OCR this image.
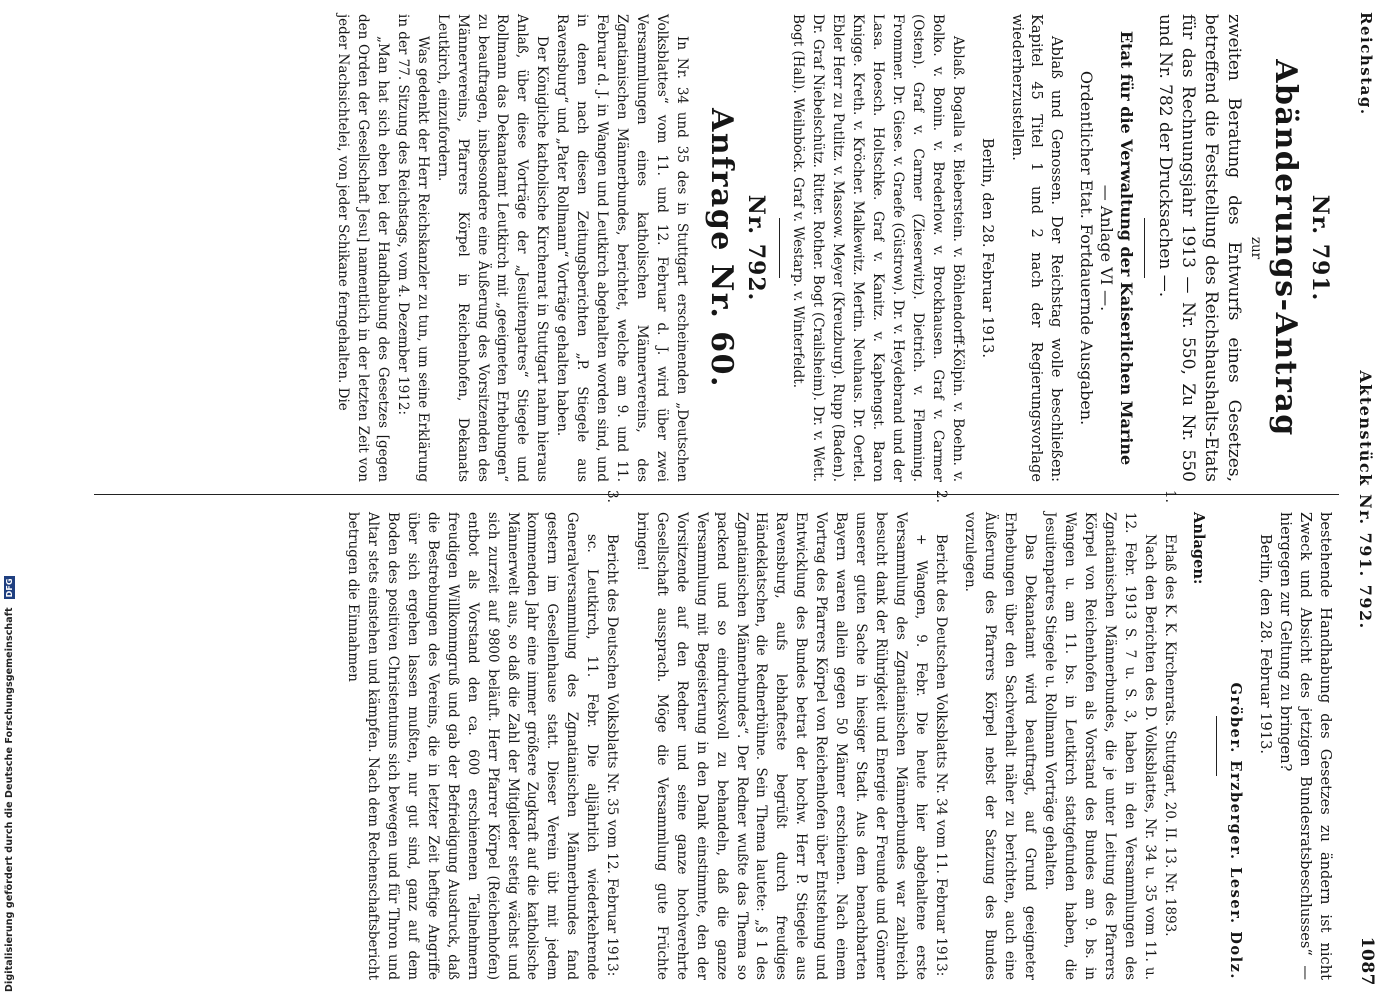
Reichstag.
Aktenstück Nr. 791. 792.
1087

Nr. 791.

Abänderungs-Antrag

zur

zweiten Beratung des Entwurfs eines Gesetzes, betreffend die Feststellung des Reichshaushalts-Etats für das Rechnungsjahr 1913 — Nr. 550, Zu Nr. 550 und Nr. 782 der Drucksachen —.

Etat für die Verwaltung der Kaiserlichen Marine

— Anlage VI —.

Ordentlicher Etat. Fortdauernde Ausgaben.

Ablaß und Genossen. Der Reichstag wolle beschließen: Kapitel 45 Titel 1 und 2 nach der Regierungsvorlage wiederherzustellen.

Berlin, den 28. Februar 1913.

Ablaß. Bogalla v. Bieberstein. v. Böhlendorff-Kölpin. v. Boehn. v. Bolko. v. Bonin. v. Brederlow. v. Brockhausen. Graf v. Carmer (Osten). Graf v. Carmer (Zieserwitz). Dietrich. v. Flemming. Frommer. Dr. Giese. v. Graefe (Güstrow). Dr. v. Heydebrand und der Lasa. Hoesch. Holtschke. Graf v. Kanitz. v. Kaphengst. Baron Knigge. Kreth. v. Kröcher. Malkewitz. Mertin. Neuhaus. Dr. Oertel. Ebler Herr zu Putlitz. v. Massow. Meyer (Kreuzburg). Rupp (Baden). Dr. Graf Niebelschütz. Ritter. Rother. Bogt (Crailsheim). Dr. v. Wett. Bogt (Hall). Weilnböck. Graf v. Westarp. v. Winterfeldt.

Nr. 792.

Anfrage Nr. 60.

In Nr. 34 und 35 des in Stuttgart erscheinenden „Deutschen Volksblattes“ vom 11. und 12. Februar d. J. wird über zwei Versammlungen eines katholischen Männervereins, des Zgnatianischen Männerbundes, berichtet, welche am 9. und 11. Februar d. J. in Wangen und Leutkirch abgehalten worden sind, und in denen nach diesen Zeitungsberichten „P. Stiegele aus Ravensburg“ und „Pater Rollmann“ Vorträge gehalten haben.

Der Königliche katholische Kirchenrat in Stuttgart nahm hieraus Anlaß, über diese Vorträge der „Jesuitenpatres“ Stiegele und Rollmann das Dekanatamt Leutkirch mit „geeigneten Erhebungen“ zu beauftragen, insbesondere eine Äußerung des Vorsitzenden des Männervereins, Pfarrers Körpel in Reichenhofen, Dekanats Leutkirch, einzufordern.

Was gedenkt der Herr Reichskanzler zu tun, um seine Erklärung in der 77. Sitzung des Reichstags, vom 4. Dezember 1912:

„Man hat sich eben bei der Handhabung des Gesetzes [gegen den Orden der Gesellschaft Jesu] namentlich in der letzten Zeit von jeder Nachsichtelei, von jeder Schikane ferngehalten. Die

bestehende Handhabung des Gesetzes zu ändern ist nicht Zweck und Absicht des jetzigen Bundesratsbeschlusses“ — hiergegen zur Geltung zu bringen?

Berlin, den 28. Februar 1913.

Gröber. Erzberger. Leser. Dolz.

Anlagen:

1.Erlaß des K. K. Kirchenrats. Stuttgart, 20. II. 13. Nr. 1893.

Nach den Berichten des D. Volksblattes, Nr. 34 u. 35 vom 11. u. 12. Febr. 1913 S. 7 u. S. 3, haben in den Versammlungen des Zgnatianischen Männerbundes, die je unter Leitung des Pfarrers Körpel von Reichenhofen als Vorstand des Bundes am 9. bs. in Wangen u. am 11. bs. in Leutkirch stattgefunden haben, die Jesuitenpatres Stiegele u. Rollmann Vorträge gehalten.

Das Dekanatamt wird beauftragt, auf Grund geeigneter Erhebungen über den Sachverhalt näher zu berichten, auch eine Äußerung des Pfarrers Körpel nebst der Satzung des Bundes vorzulegen.

2.Bericht des Deutschen Volksblatts Nr. 34 vom 11. Februar 1913:

+ Wangen, 9. Febr. Die heute hier abgehaltene erste Versammlung des Zgnatianischen Männerbundes war zahlreich besucht dank der Rührigkeit und Energie der Freunde und Gönner unserer guten Sache in hiesiger Stadt. Aus dem benachbarten Bayern waren allein gegen 50 Männer erschienen. Nach einem Vortrag des Pfarrers Körpel von Reichenhofen über Entstehung und Entwicklung des Bundes betrat der hochw. Herr P. Stiegele aus Ravensburg, aufs lebhafteste begrüßt durch freudiges Händeklatschen, die Rednerbühne. Sein Thema lautete: „§ 1 des Zgnatianischen Männerbundes“. Der Redner wußte das Thema so packend und so eindrucksvoll zu behandeln, daß die ganze Versammlung mit Begeisterung in den Dank einstimmte, den der Vorsitzende auf den Redner und seine ganze hochverehrte Gesellschaft aussprach. Möge die Versammlung gute Früchte bringen!

3.Bericht des Deutschen Volksblatts Nr. 35 vom 12. Februar 1913:

sc. Leutkirch, 11. Febr. Die alljährlich wiederkehrende Generalversammlung des Zgnatianischen Männerbundes fand gestern im Gesellenhause statt. Dieser Verein übt mit jedem kommenden Jahr eine immer größere Zugkraft auf die katholische Männerwelt aus, so daß die Zahl der Mitglieder stetig wächst und sich zurzeit auf 9800 beläuft. Herr Pfarrer Körpel (Reichenhofen) entbot als Vorstand den ca. 600 erschienenen Teilnehmern freudigen Willkommgruß und gab der Befriedigung Ausdruck, daß die Bestrebungen des Vereins, die in letzter Zeit heftige Angriffe über sich ergehen lassen mußten, nur gut sind, ganz auf dem Boden des positiven Christentums sich bewegen und für Thron und Altar stets einstehen und kämpfen. Nach dem Rechenschaftsbericht betrugen die Einnahmen

Digitalisierung gefördert durch die Deutsche ForschungsgemeinschaftDFG
